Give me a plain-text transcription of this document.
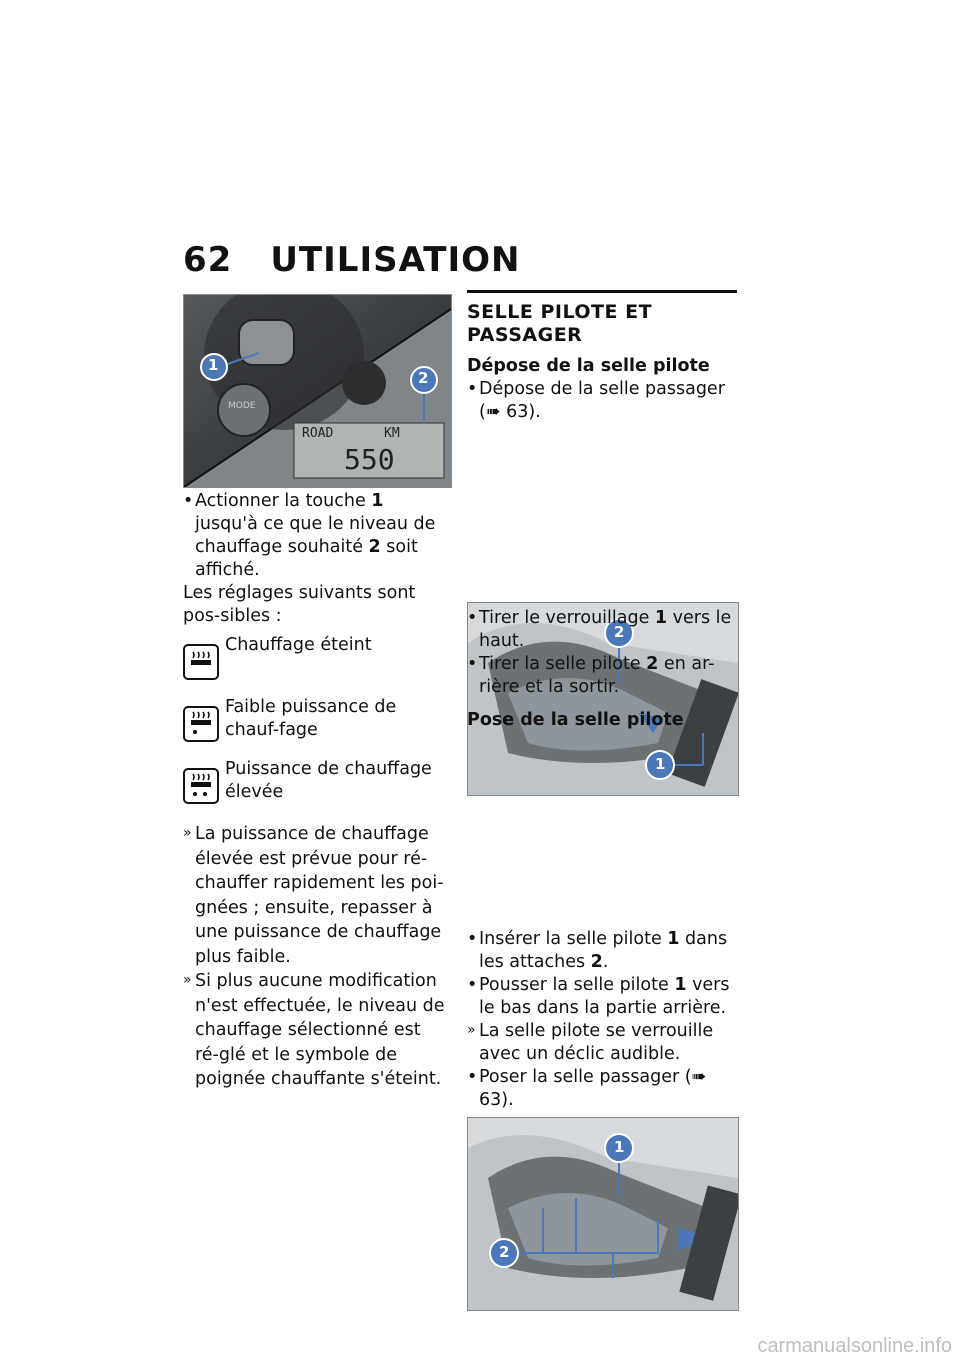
62 UTILISATION
1
2
MODE
ROAD	KM
550

• Actionner la touche 1 jusqu'à ce que le niveau de chauffage souhaité 2 soit affiché.

Les réglages suivants sont pos-sibles :

Chauffage éteint
Faible puissance de chauf-fage
Puissance de chauffage élevée

» La puissance de chauffage élevée est prévue pour ré-chauffer rapidement les poi-gnées ; ensuite, repasser à une puissance de chauffage plus faible.

» Si plus aucune modification n'est effectuée, le niveau de chauffage sélectionné est ré-glé et le symbole de poignée chauffante s'éteint.

SELLE PILOTE ET PASSAGER
Dépose de la selle pilote

• Dépose de la selle passager (➠ 63).

2
1

• Tirer le verrouillage 1 vers le haut.

• Tirer la selle pilote 2 en ar-rière et la sortir.

Pose de la selle pilote
1
2

• Insérer la selle pilote 1 dans les attaches 2.

• Pousser la selle pilote 1 vers le bas dans la partie arrière.

» La selle pilote se verrouille avec un déclic audible.

• Poser la selle passager (➠ 63).

carmanualsonline.info
